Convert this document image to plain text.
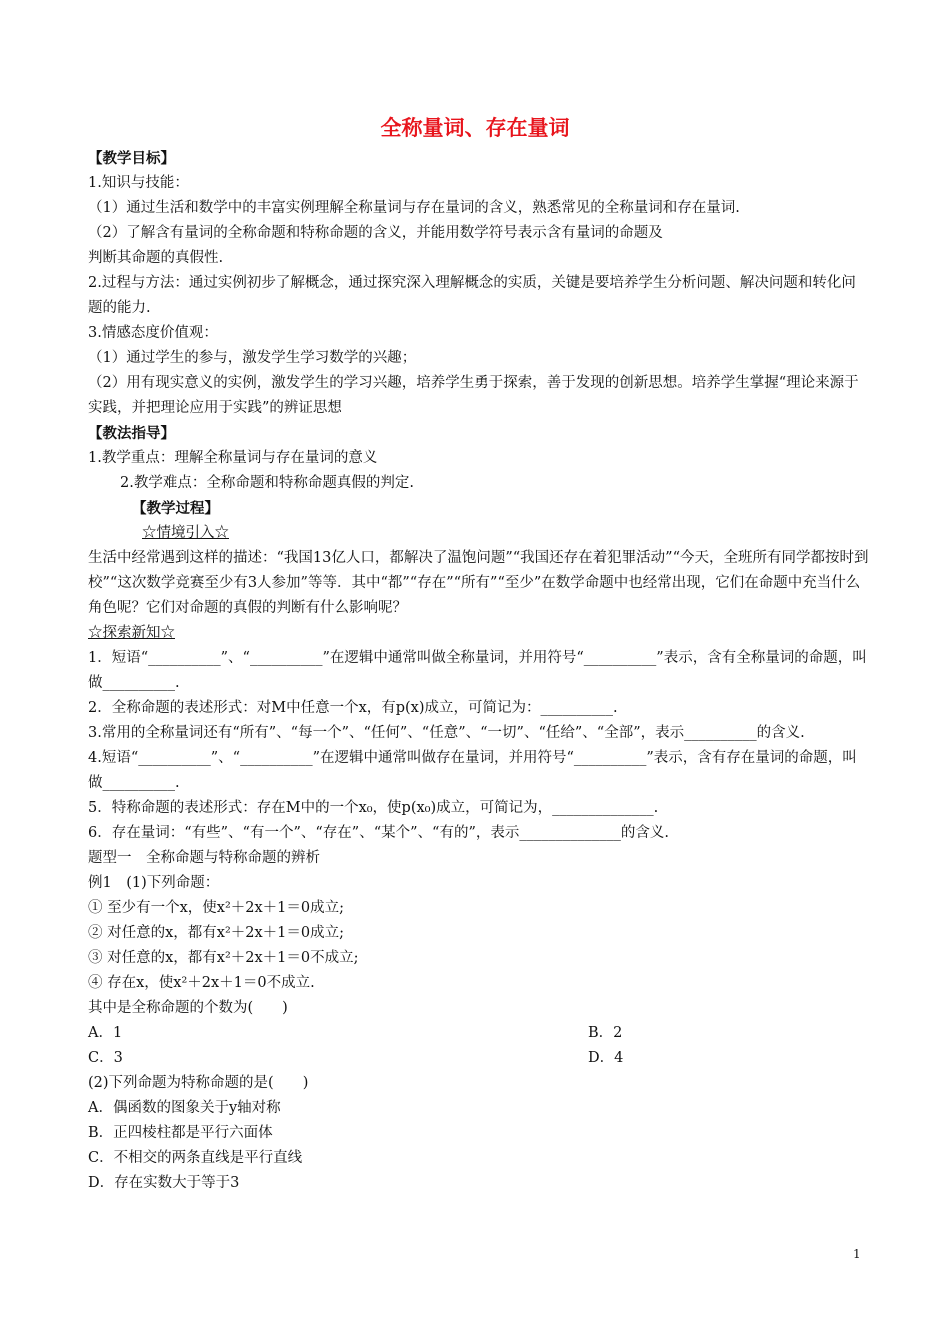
全称量词、存在量词
【教学目标】
1.知识与技能：
（1）通过生活和数学中的丰富实例理解全称量词与存在量词的含义，熟悉常见的全称量词和存在量词.
（2）了解含有量词的全称命题和特称命题的含义，并能用数学符号表示含有量词的命题及
判断其命题的真假性.
2.过程与方法：通过实例初步了解概念，通过探究深入理解概念的实质，关键是要培养学生分析问题、解决问题和转化问题的能力.
3.情感态度价值观：
（1）通过学生的参与，激发学生学习数学的兴趣；
（2）用有现实意义的实例，激发学生的学习兴趣，培养学生勇于探索，善于发现的创新思想。培养学生掌握“理论来源于实践，并把理论应用于实践”的辨证思想
【教法指导】
1.教学重点：理解全称量词与存在量词的意义
2.教学难点：全称命题和特称命题真假的判定.
【教学过程】
☆情境引入☆
生活中经常遇到这样的描述：“我国13亿人口，都解决了温饱问题”“我国还存在着犯罪活动”“今天，全班所有同学都按时到校”“这次数学竞赛至少有3人参加”等等．其中“都”“存在”“所有”“至少”在数学命题中也经常出现，它们在命题中充当什么角色呢？它们对命题的真假的判断有什么影响呢？
☆探索新知☆
1．短语“__________”、“__________”在逻辑中通常叫做全称量词，并用符号“__________”表示，含有全称量词的命题，叫做__________.
2．全称命题的表述形式：对M中任意一个x，有p(x)成立，可简记为：__________.
3.常用的全称量词还有“所有”、“每一个”、“任何”、“任意”、“一切”、“任给”、“全部”，表示__________的含义.
4.短语“__________”、“__________”在逻辑中通常叫做存在量词，并用符号“__________”表示，含有存在量词的命题，叫做__________.
5．特称命题的表述形式：存在M中的一个x₀，使p(x₀)成立，可简记为，______________.
6．存在量词：“有些”、“有一个”、“存在”、“某个”、“有的”，表示______________的含义.
题型一　全称命题与特称命题的辨析
例1　(1)下列命题：
① 至少有一个x，使x²＋2x＋1＝0成立;
② 对任意的x，都有x²＋2x＋1＝0成立;
③ 对任意的x，都有x²＋2x＋1＝0不成立;
④ 存在x，使x²＋2x＋1＝0不成立.
其中是全称命题的个数为(　　)
A．1	B．2
C．3	D．4
(2)下列命题为特称命题的是(　　)
A．偶函数的图象关于y轴对称
B．正四棱柱都是平行六面体
C．不相交的两条直线是平行直线
D．存在实数大于等于3
1
